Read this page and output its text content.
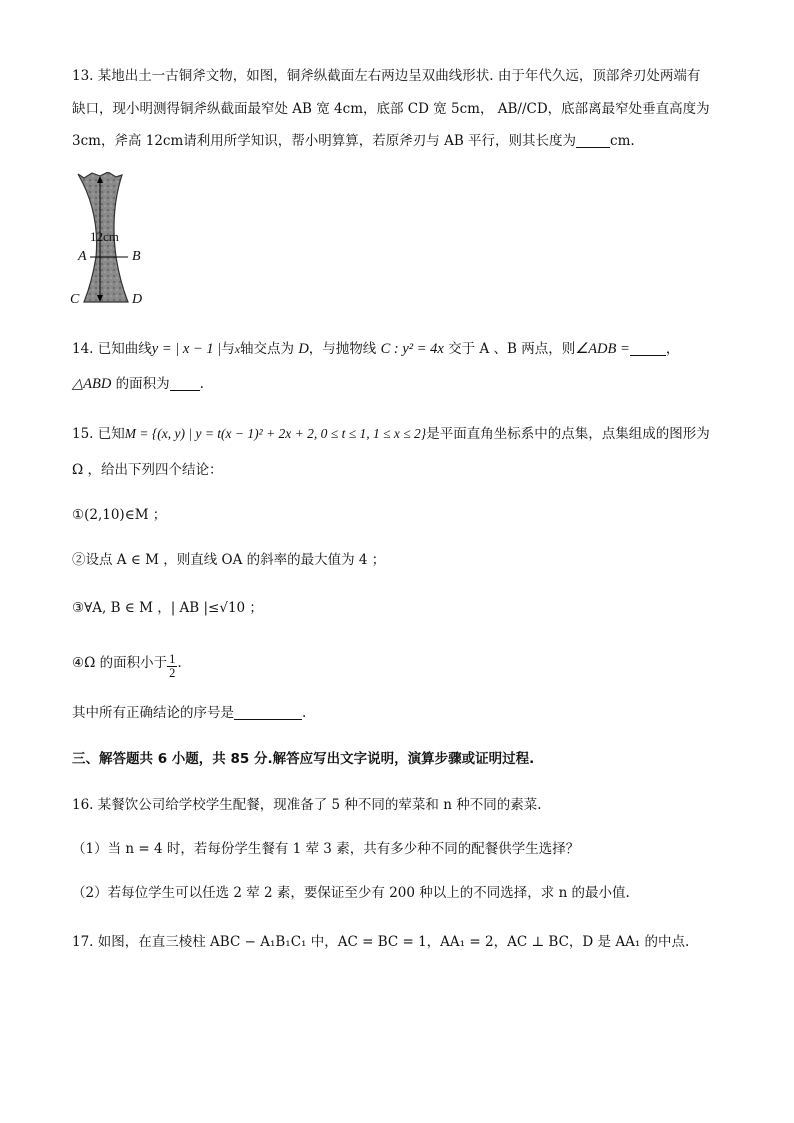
13. 某地出土一古铜斧文物，如图，铜斧纵截面左右两边呈双曲线形状. 由于年代久远，顶部斧刃处两端有
缺口，现小明测得铜斧纵截面最窄处 AB 宽 4cm，底部 CD 宽 5cm， AB//CD，底部离最窄处垂直高度为
3cm，斧高 12cm请利用所学知识，帮小明算算，若原斧刃与 AB 平行，则其长度为	cm.
12cm
A	B
C	D
14. 已知曲线y = | x − 1 |与x轴交点为 D，与抛物线 C : y² = 4x 交于 A 、B 两点，则∠ADB =	，
△ABD 的面积为 .
15. 已知M = {(x, y) | y = t(x − 1)² + 2x + 2, 0 ≤ t ≤ 1, 1 ≤ x ≤ 2}是平面直角坐标系中的点集，点集组成的图形为
Ω ，给出下列四个结论：
①(2,10)∈M ；
②设点 A ∈ M ，则直线 OA 的斜率的最大值为 4 ；
③∀A, B ∈ M ，| AB |≤√10 ；
④Ω 的面积小于 $\frac{1}{2}$ .
其中所有正确结论的序号是	.
三、解答题共 6 小题，共 85 分.解答应写出文字说明，演算步骤或证明过程.
16. 某餐饮公司给学校学生配餐，现准备了 5 种不同的荤菜和 n 种不同的素菜.
（1）当 n = 4 时，若每份学生餐有 1 荤 3 素，共有多少种不同的配餐供学生选择？
（2）若每位学生可以任选 2 荤 2 素，要保证至少有 200 种以上的不同选择，求 n 的最小值.
17. 如图，在直三棱柱 ABC − A₁B₁C₁ 中，AC = BC = 1，AA₁ = 2，AC ⊥ BC，D 是 AA₁ 的中点.
